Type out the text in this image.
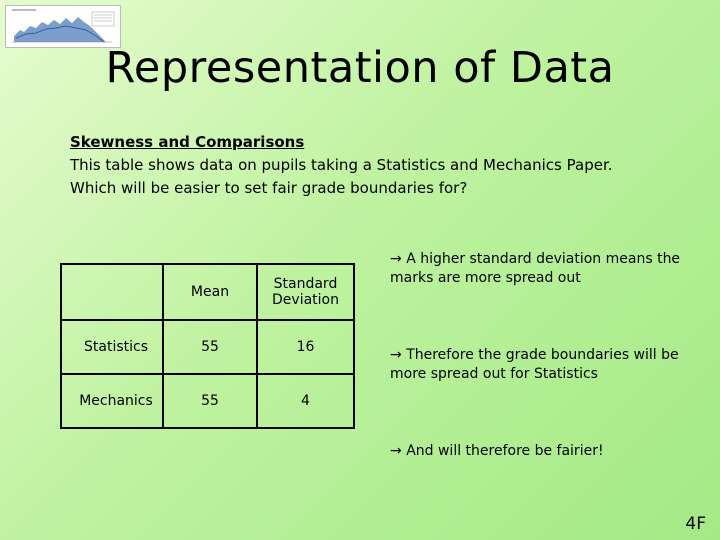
Representation of Data
Skewness and Comparisons
This table shows data on pupils taking a Statistics and Mechanics Paper.
Which will be easier to set fair grade boundaries for?
	Mean	Standard Deviation
Statistics	55	16
Mechanics	55	4
→ A higher standard deviation means the marks are more spread out
→ Therefore the grade boundaries will be more spread out for Statistics
→ And will therefore be fairier!
4F
